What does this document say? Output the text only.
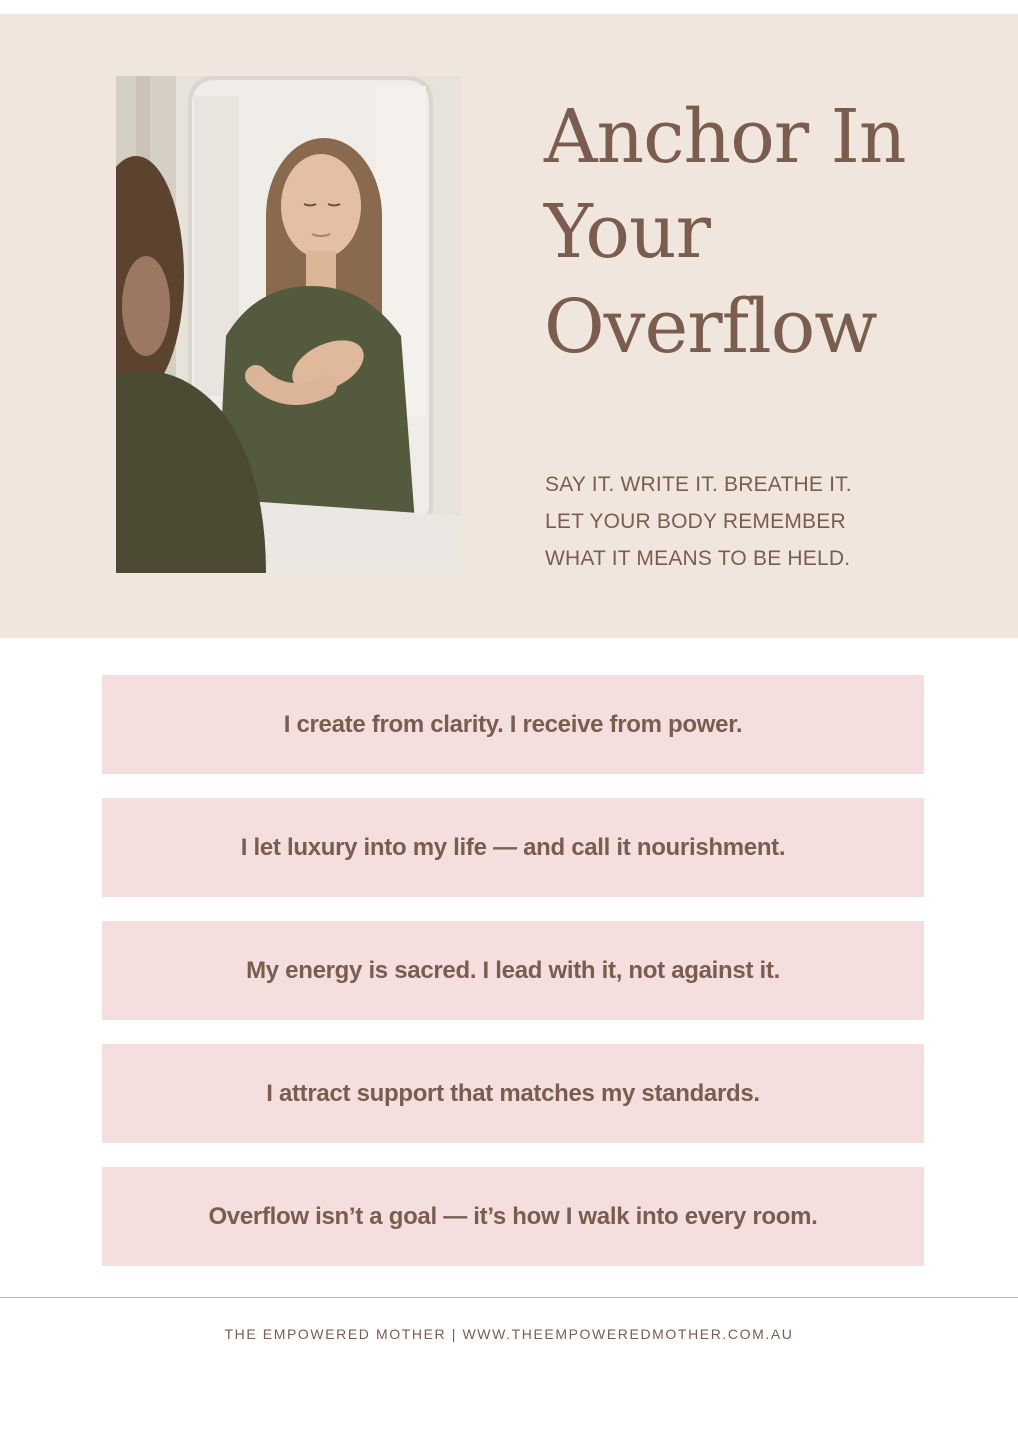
Anchor In
Your
Overflow
SAY IT. WRITE IT. BREATHE IT.
LET YOUR BODY REMEMBER
WHAT IT MEANS TO BE HELD.
I create from clarity. I receive from power.
I let luxury into my life — and call it nourishment.
My energy is sacred. I lead with it, not against it.
I attract support that matches my standards.
Overflow isn’t a goal — it’s how I walk into every room.
THE EMPOWERED MOTHER | WWW.THEEMPOWEREDMOTHER.COM.AU
